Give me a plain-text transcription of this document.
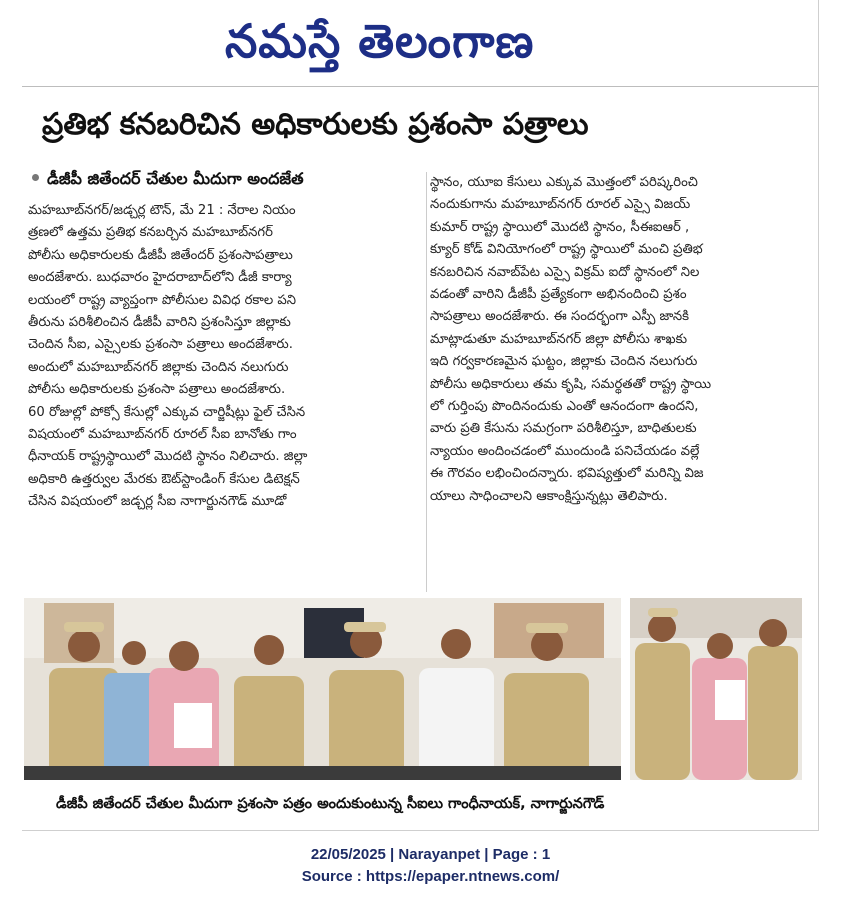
నమస్తే తెలంగాణ
ప్రతిభ కనబరిచిన అధికారులకు ప్రశంసా పత్రాలు
డీజీపీ జితేందర్ చేతుల మీదుగా అందజేత
మహబూబ్‌నగర్/జడ్చర్ల టౌన్, మే 21 : నేరాల నియం
త్రణలో ఉత్తమ ప్రతిభ కనబర్చిన మహబూబ్‌నగర్
పోలీసు అధికారులకు డీజీపీ జితేందర్ ప్రశంసాపత్రాలు
అందజేశారు. బుధవారం హైదరాబాద్‌లోని డీజీ కార్యా
లయంలో రాష్ట్ర వ్యాప్తంగా పోలీసుల వివిధ రకాల పని
తీరును పరిశీలించిన డీజీపీ వారిని ప్రశంసిస్తూ జిల్లాకు
చెందిన సీఐ, ఎస్సైలకు ప్రశంసా పత్రాలు అందజేశారు.
అందులో మహబూబ్‌నగర్ జిల్లాకు చెందిన నలుగురు
పోలీసు అధికారులకు ప్రశంసా పత్రాలు అందజేశారు.
60 రోజుల్లో పోక్సో కేసుల్లో ఎక్కువ చార్జిషీట్లు ఫైల్ చేసిన
విషయంలో మహబూబ్‌నగర్ రూరల్ సీఐ బానోతు గాం
ధీనాయక్ రాష్ట్రస్థాయిలో మొదటి స్థానం నిలిచారు. జిల్లా
అధికారి ఉత్తర్వుల మేరకు ఔట్‌స్టాండింగ్ కేసుల డిటెక్షన్
చేసిన విషయంలో జడ్చర్ల సీఐ నాగార్జునగౌడ్ మూడో
స్థానం, యూఐ కేసులు ఎక్కువ మొత్తంలో పరిష్కరించి
నందుకుగాను మహబూబ్‌నగర్ రూరల్ ఎస్సై విజయ్
కుమార్ రాష్ట్ర స్థాయిలో మొదటి స్థానం, సీఈఐఆర్ ,
క్యూర్ కోడ్ వినియోగంలో రాష్ట్ర స్థాయిలో మంచి ప్రతిభ
కనబరిచిన నవాబ్‌పేట ఎస్సై విక్రమ్ ఐదో స్థానంలో నిల
వడంతో వారిని డీజీపీ ప్రత్యేకంగా అభినందించి ప్రశం
సాపత్రాలు అందజేశారు. ఈ సందర్భంగా ఎస్పీ జానకి
మాట్లాడుతూ మహబూబ్‌నగర్ జిల్లా పోలీసు శాఖకు
ఇది గర్వకారణమైన ఘట్టం, జిల్లాకు చెందిన నలుగురు
పోలీసు అధికారులు తమ కృషి, సమర్థతతో రాష్ట్ర స్థాయి
లో గుర్తింపు పొందినందుకు ఎంతో ఆనందంగా ఉందని,
వారు ప్రతి కేసును సమగ్రంగా పరిశీలిస్తూ, బాధితులకు
న్యాయం అందించడంలో ముందుండి పనిచేయడం వల్లే
ఈ గౌరవం లభించిందన్నారు. భవిష్యత్తులో మరిన్ని విజ
యాలు సాధించాలని ఆకాంక్షిస్తున్నట్లు తెలిపారు.
డీజీపీ జితేందర్ చేతుల మీదుగా ప్రశంసా పత్రం అందుకుంటున్న సీఐలు గాంధీనాయక్, నాగార్జునగౌడ్
22/05/2025 | Narayanpet | Page : 1
Source : https://epaper.ntnews.com/
